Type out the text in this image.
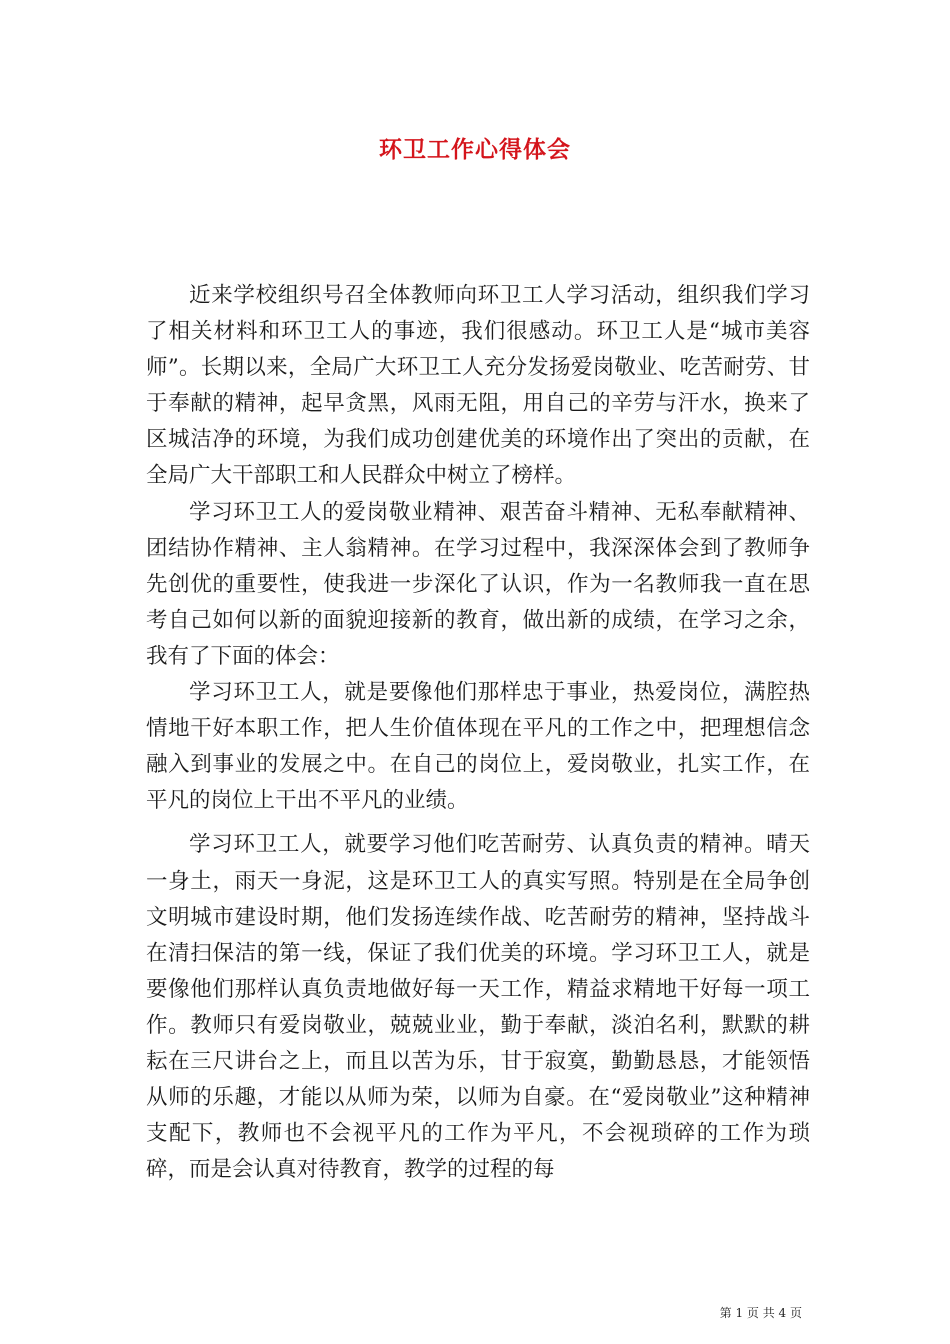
环卫工作心得体会

近来学校组织号召全体教师向环卫工人学习活动，组织我们学习了相关材料和环卫工人的事迹，我们很感动。环卫工人是“城市美容师”。长期以来，全局广大环卫工人充分发扬爱岗敬业、吃苦耐劳、甘于奉献的精神，起早贪黑，风雨无阻，用自己的辛劳与汗水，换来了区城洁净的环境，为我们成功创建优美的环境作出了突出的贡献，在全局广大干部职工和人民群众中树立了榜样。

学习环卫工人的爱岗敬业精神、艰苦奋斗精神、无私奉献精神、团结协作精神、主人翁精神。在学习过程中，我深深体会到了教师争先创优的重要性，使我进一步深化了认识，作为一名教师我一直在思考自己如何以新的面貌迎接新的教育，做出新的成绩，在学习之余，我有了下面的体会：

学习环卫工人，就是要像他们那样忠于事业，热爱岗位，满腔热情地干好本职工作，把人生价值体现在平凡的工作之中，把理想信念融入到事业的发展之中。在自己的岗位上，爱岗敬业，扎实工作，在平凡的岗位上干出不平凡的业绩。

学习环卫工人，就要学习他们吃苦耐劳、认真负责的精神。晴天一身土，雨天一身泥，这是环卫工人的真实写照。特别是在全局争创文明城市建设时期，他们发扬连续作战、吃苦耐劳的精神，坚持战斗在清扫保洁的第一线，保证了我们优美的环境。学习环卫工人，就是要像他们那样认真负责地做好每一天工作，精益求精地干好每一项工作。教师只有爱岗敬业，兢兢业业，勤于奉献，淡泊名利，默默的耕耘在三尺讲台之上，而且以苦为乐，甘于寂寞，勤勤恳恳，才能领悟从师的乐趣，才能以从师为荣，以师为自豪。在“爱岗敬业”这种精神支配下，教师也不会视平凡的工作为平凡，不会视琐碎的工作为琐碎，而是会认真对待教育，教学的过程的每

第 1 页 共 4 页
